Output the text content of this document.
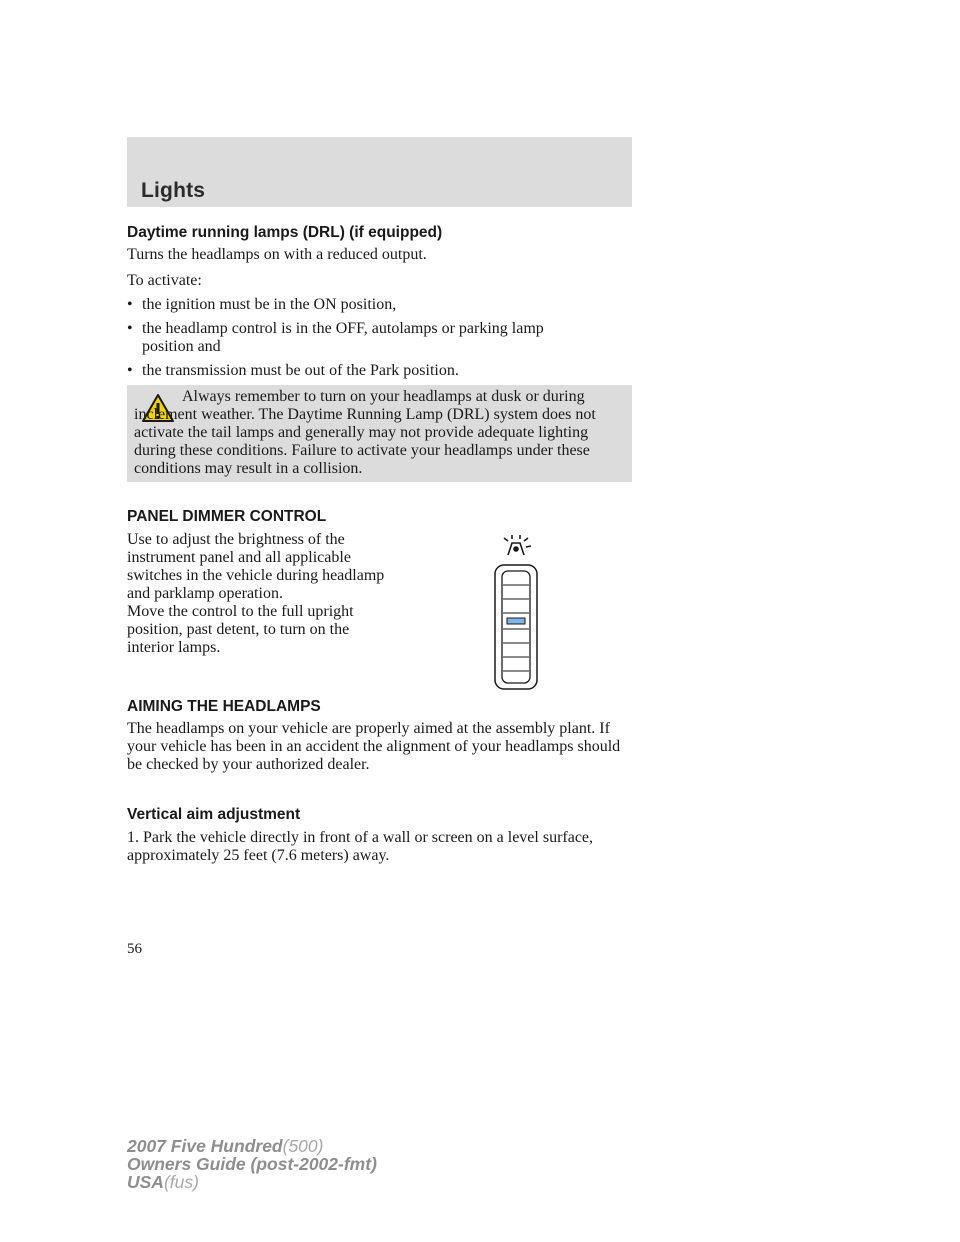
Lights
Daytime running lamps (DRL) (if equipped)
Turns the headlamps on with a reduced output.
To activate:
• the ignition must be in the ON position,
• the headlamp control is in the OFF, autolamps or parking lamp position and
• the transmission must be out of the Park position.
Always remember to turn on your headlamps at dusk or during inclement weather. The Daytime Running Lamp (DRL) system does not activate the tail lamps and generally may not provide adequate lighting during these conditions. Failure to activate your headlamps under these conditions may result in a collision.
PANEL DIMMER CONTROL
Use to adjust the brightness of the instrument panel and all applicable switches in the vehicle during headlamp and parklamp operation.
Move the control to the full upright position, past detent, to turn on the interior lamps.
AIMING THE HEADLAMPS
The headlamps on your vehicle are properly aimed at the assembly plant. If your vehicle has been in an accident the alignment of your headlamps should be checked by your authorized dealer.
Vertical aim adjustment
1. Park the vehicle directly in front of a wall or screen on a level surface, approximately 25 feet (7.6 meters) away.
56
2007 Five Hundred(500)
Owners Guide (post-2002-fmt)
USA(fus)
